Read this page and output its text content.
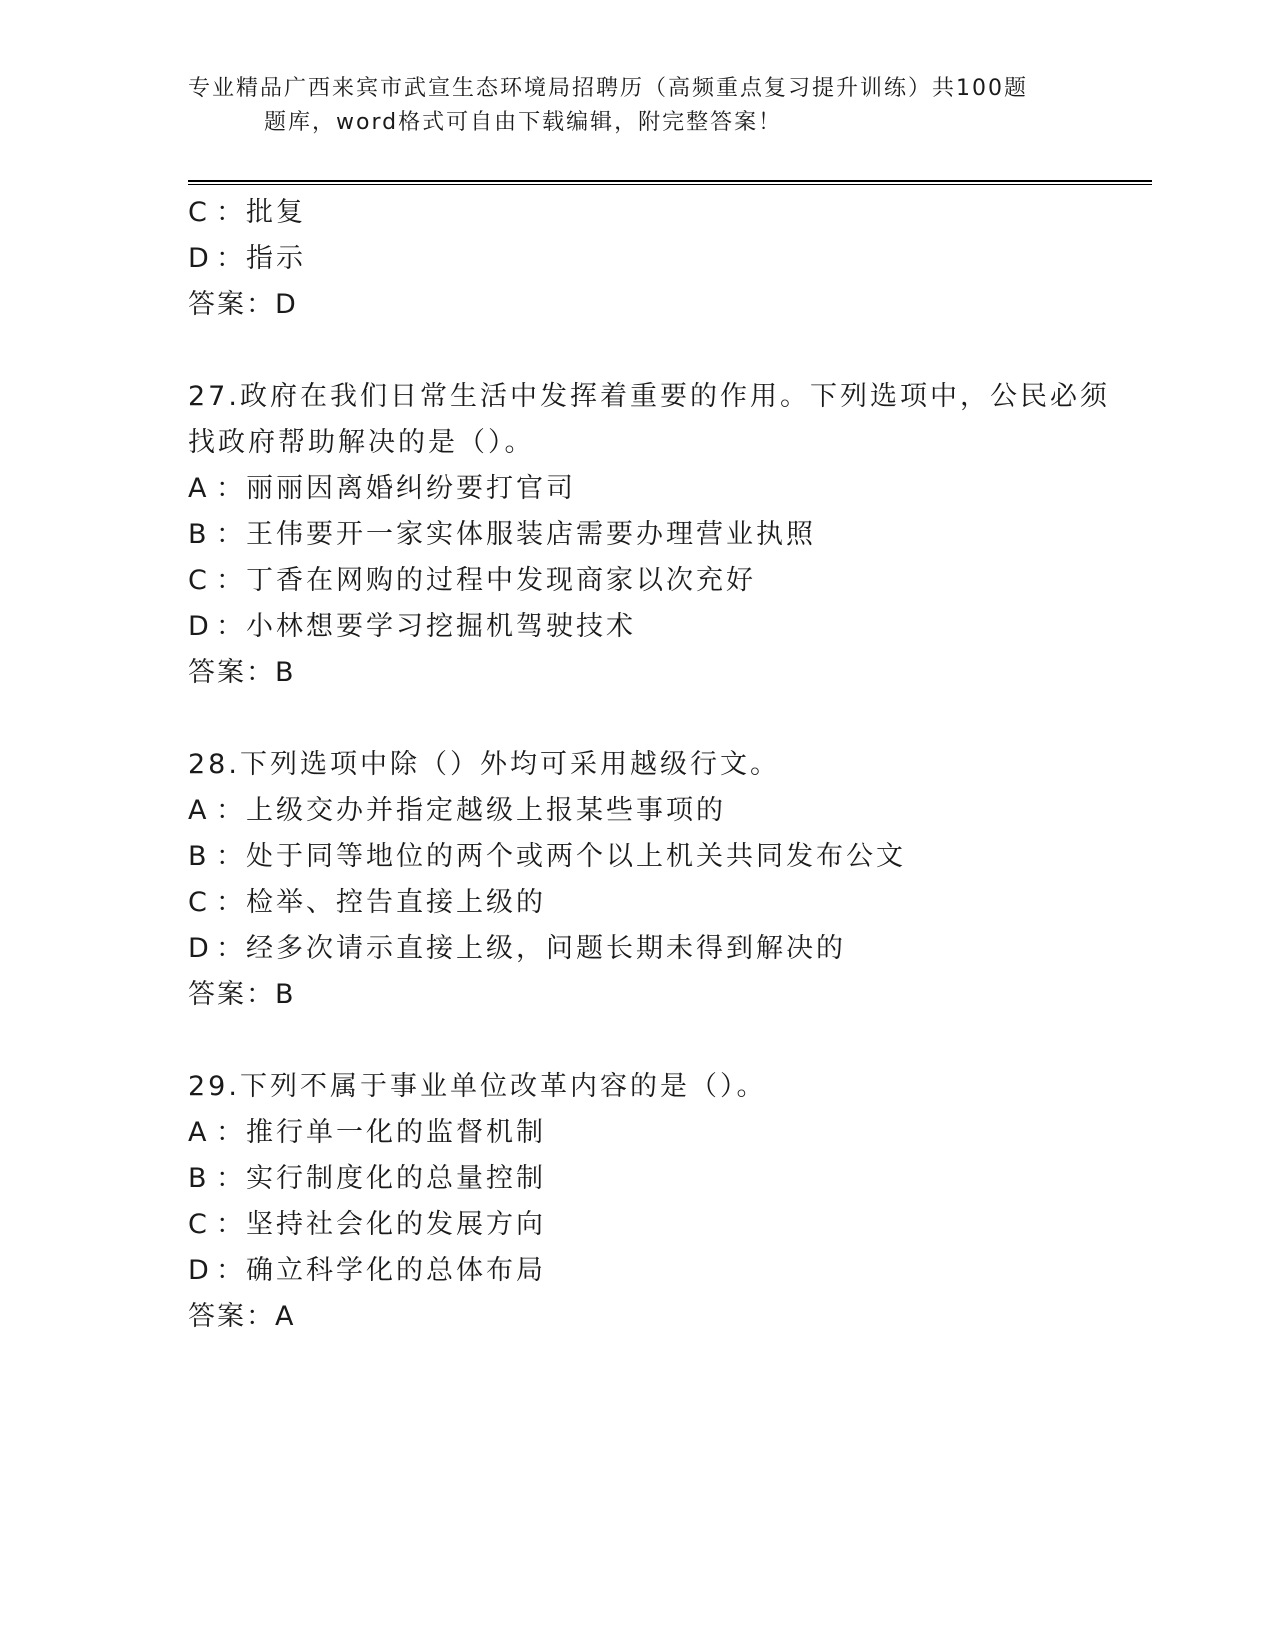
专业精品广西来宾市武宣生态环境局招聘历（高频重点复习提升训练）共100题
题库，word格式可自由下载编辑，附完整答案！
C ：批复
D ：指示
答案：D
27.政府在我们日常生活中发挥着重要的作用。下列选项中，公民必须
找政府帮助解决的是（）。
A ：丽丽因离婚纠纷要打官司
B ：王伟要开一家实体服装店需要办理营业执照
C ：丁香在网购的过程中发现商家以次充好
D ：小林想要学习挖掘机驾驶技术
答案：B
28.下列选项中除（）外均可采用越级行文。
A ：上级交办并指定越级上报某些事项的
B ：处于同等地位的两个或两个以上机关共同发布公文
C ：检举、控告直接上级的
D ：经多次请示直接上级，问题长期未得到解决的
答案：B
29.下列不属于事业单位改革内容的是（）。
A ：推行单一化的监督机制
B ：实行制度化的总量控制
C ：坚持社会化的发展方向
D ：确立科学化的总体布局
答案：A
